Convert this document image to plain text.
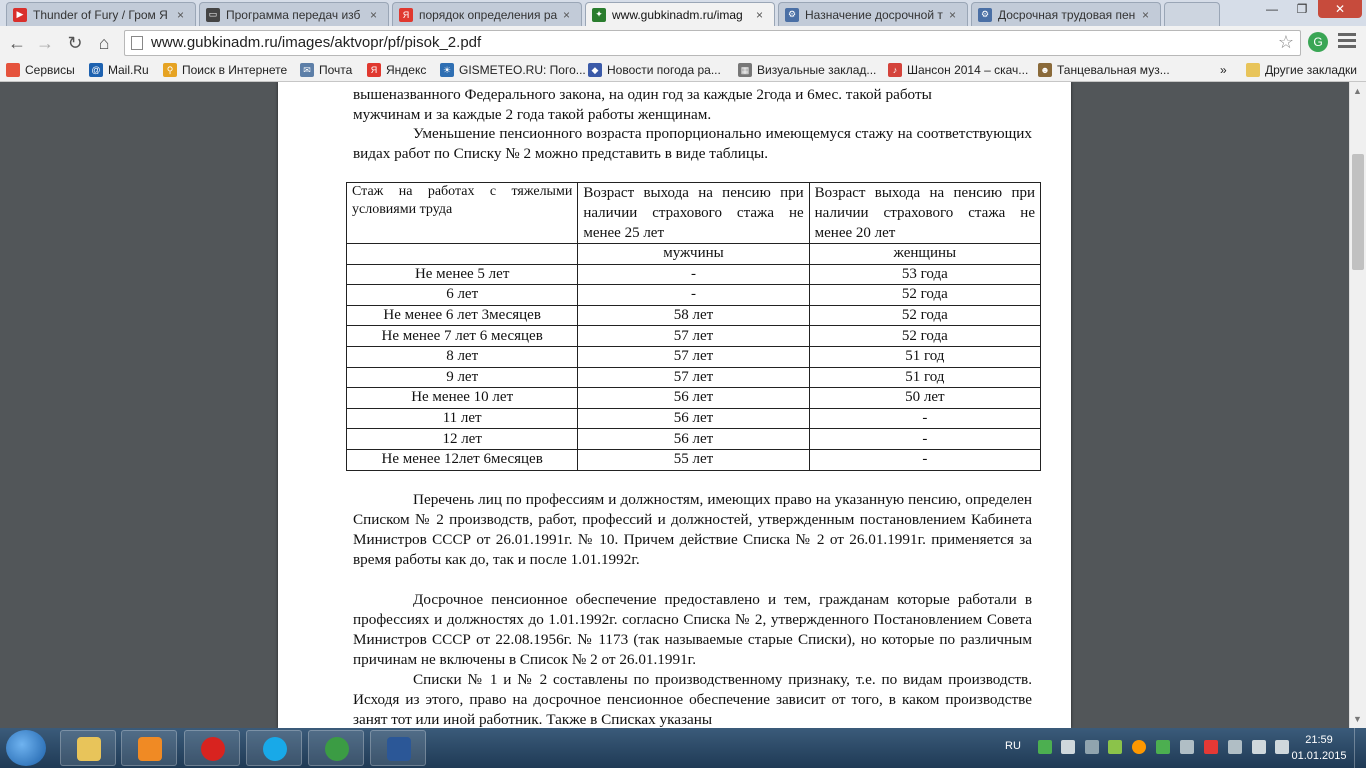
▶ Thunder of Fury / Гром Я ×	▭ Программа передач изб ×	Я порядок определения ра ×	✦ www.gubkinadm.ru/imag	×	⚙ Назначение досрочной т ×	⚙ Досрочная трудовая пен ×	—	❐	✕
← → ↻ ⌂	www.gubkinadm.ru/images/aktvopr/pf/pisok_2.pdf	☆	G
Сервисы @ Mail.Ru	⚲ Поиск в Интернете	✉ Почта	Я Яндекс	☀ GISMETEO.RU: Пого... ◆ Новости погода ра...	▦ Визуальные заклад...	♪ Шансон 2014 – скач... ☻ Танцевальная муз...	»	Другие закладки
вышеназванного Федерального закона, на один год за каждые 2года и 6мес. такой работы
мужчинам и за каждые 2 года такой работы женщинам.
Уменьшение пенсионного возраста пропорционально имеющемуся стажу на соответствующих видах работ по Списку № 2 можно представить в виде таблицы.
Стаж на работах с тяжелыми условиями труда	Возраст выхода на пенсию при наличии страхового стажа не менее 25 лет	Возраст выхода на пенсию при наличии страхового стажа не менее 20 лет
	мужчины	женщины
Не менее 5 лет	-	53 года
6 лет	-	52 года
Не менее 6 лет 3месяцев	58 лет	52 года
Не менее 7 лет 6 месяцев	57 лет	52 года
8 лет	57 лет	51 год
9 лет	57 лет	51 год
Не менее 10 лет	56 лет	50 лет
11 лет	56 лет	-
12 лет	56 лет	-
Не менее 12лет 6месяцев	55 лет	-
Перечень лиц по профессиям и должностям, имеющих право на указанную пенсию, определен Списком № 2 производств, работ, профессий и должностей, утвержденным постановлением Кабинета Министров СССР от 26.01.1991г. № 10. Причем действие Списка № 2 от 26.01.1991г. применяется за время работы как до, так и после 1.01.1992г.
Досрочное пенсионное обеспечение предоставлено и тем, гражданам которые работали в профессиях и должностях до 1.01.1992г. согласно Списка № 2, утвержденного Постановлением Совета Министров СССР от 22.08.1956г. № 1173 (так называемые старые Списки), но которые по различным причинам не включены в Список № 2 от 26.01.1991г.
Списки № 1 и № 2 составлены по производственному признаку, т.е. по видам производств. Исходя из этого, право на досрочное пенсионное обеспечение зависит от того, в каком производстве занят тот или иной работник. Также в Списках указаны
▲
▼
RU	21:59
01.01.2015
